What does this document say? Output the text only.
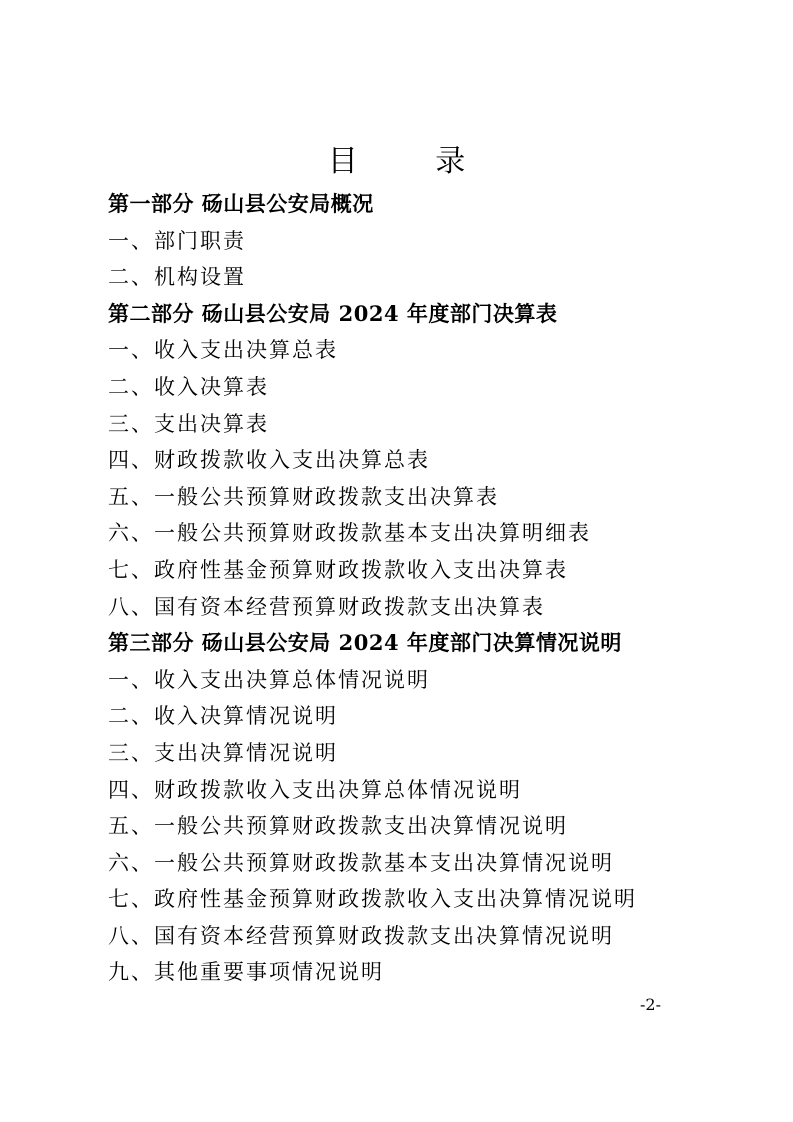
目 录
第一部分 砀山县公安局概况
一、部门职责
二、机构设置
第二部分 砀山县公安局 2024 年度部门决算表
一、收入支出决算总表
二、收入决算表
三、支出决算表
四、财政拨款收入支出决算总表
五、一般公共预算财政拨款支出决算表
六、一般公共预算财政拨款基本支出决算明细表
七、政府性基金预算财政拨款收入支出决算表
八、国有资本经营预算财政拨款支出决算表
第三部分 砀山县公安局 2024 年度部门决算情况说明
一、收入支出决算总体情况说明
二、收入决算情况说明
三、支出决算情况说明
四、财政拨款收入支出决算总体情况说明
五、一般公共预算财政拨款支出决算情况说明
六、一般公共预算财政拨款基本支出决算情况说明
七、政府性基金预算财政拨款收入支出决算情况说明
八、国有资本经营预算财政拨款支出决算情况说明
九、其他重要事项情况说明
-2-
